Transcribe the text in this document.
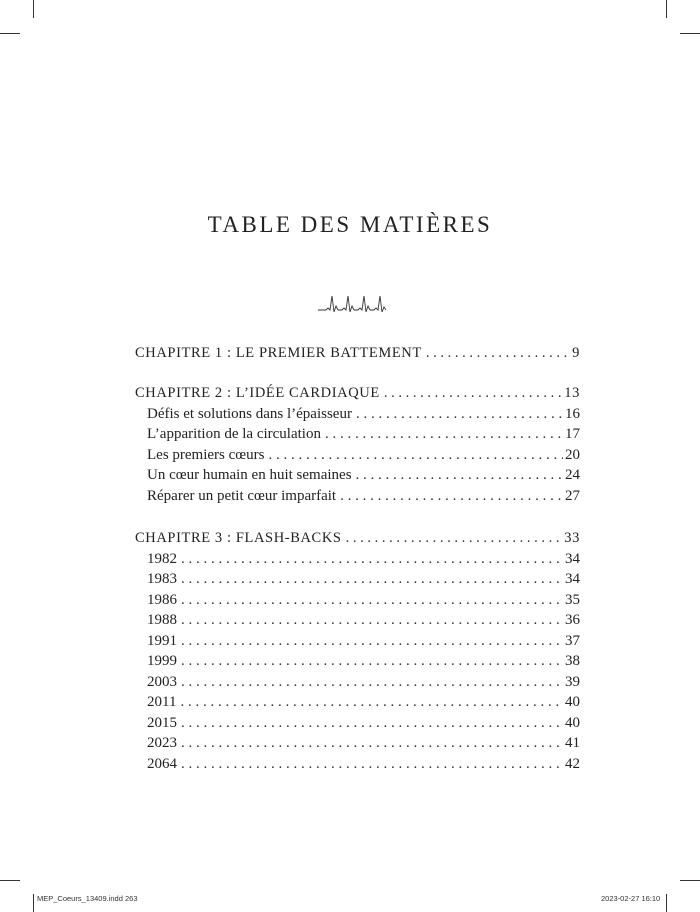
TABLE DES MATIÈRES
CHAPITRE 1 : LE PREMIER BATTEMENT . . .	9
CHAPITRE 2 : L’IDÉE CARDIAQUE . . .	13
Défis et solutions dans l’épaisseur . . .	16
L’apparition de la circulation . . .	17
Les premiers cœurs . . .	20
Un cœur humain en huit semaines . . .	24
Réparer un petit cœur imparfait . . .	27
CHAPITRE 3 : FLASH-BACKS . . .	33
1982 . . .	34
1983 . . .	34
1986 . . .	35
1988 . . .	36
1991 . . .	37
1999 . . .	38
2003 . . .	39
2011 . . .	40
2015 . . .	40
2023 . . .	41
2064 . . .	42
MEP_Coeurs_13409.indd 263	2023-02-27 16:10
